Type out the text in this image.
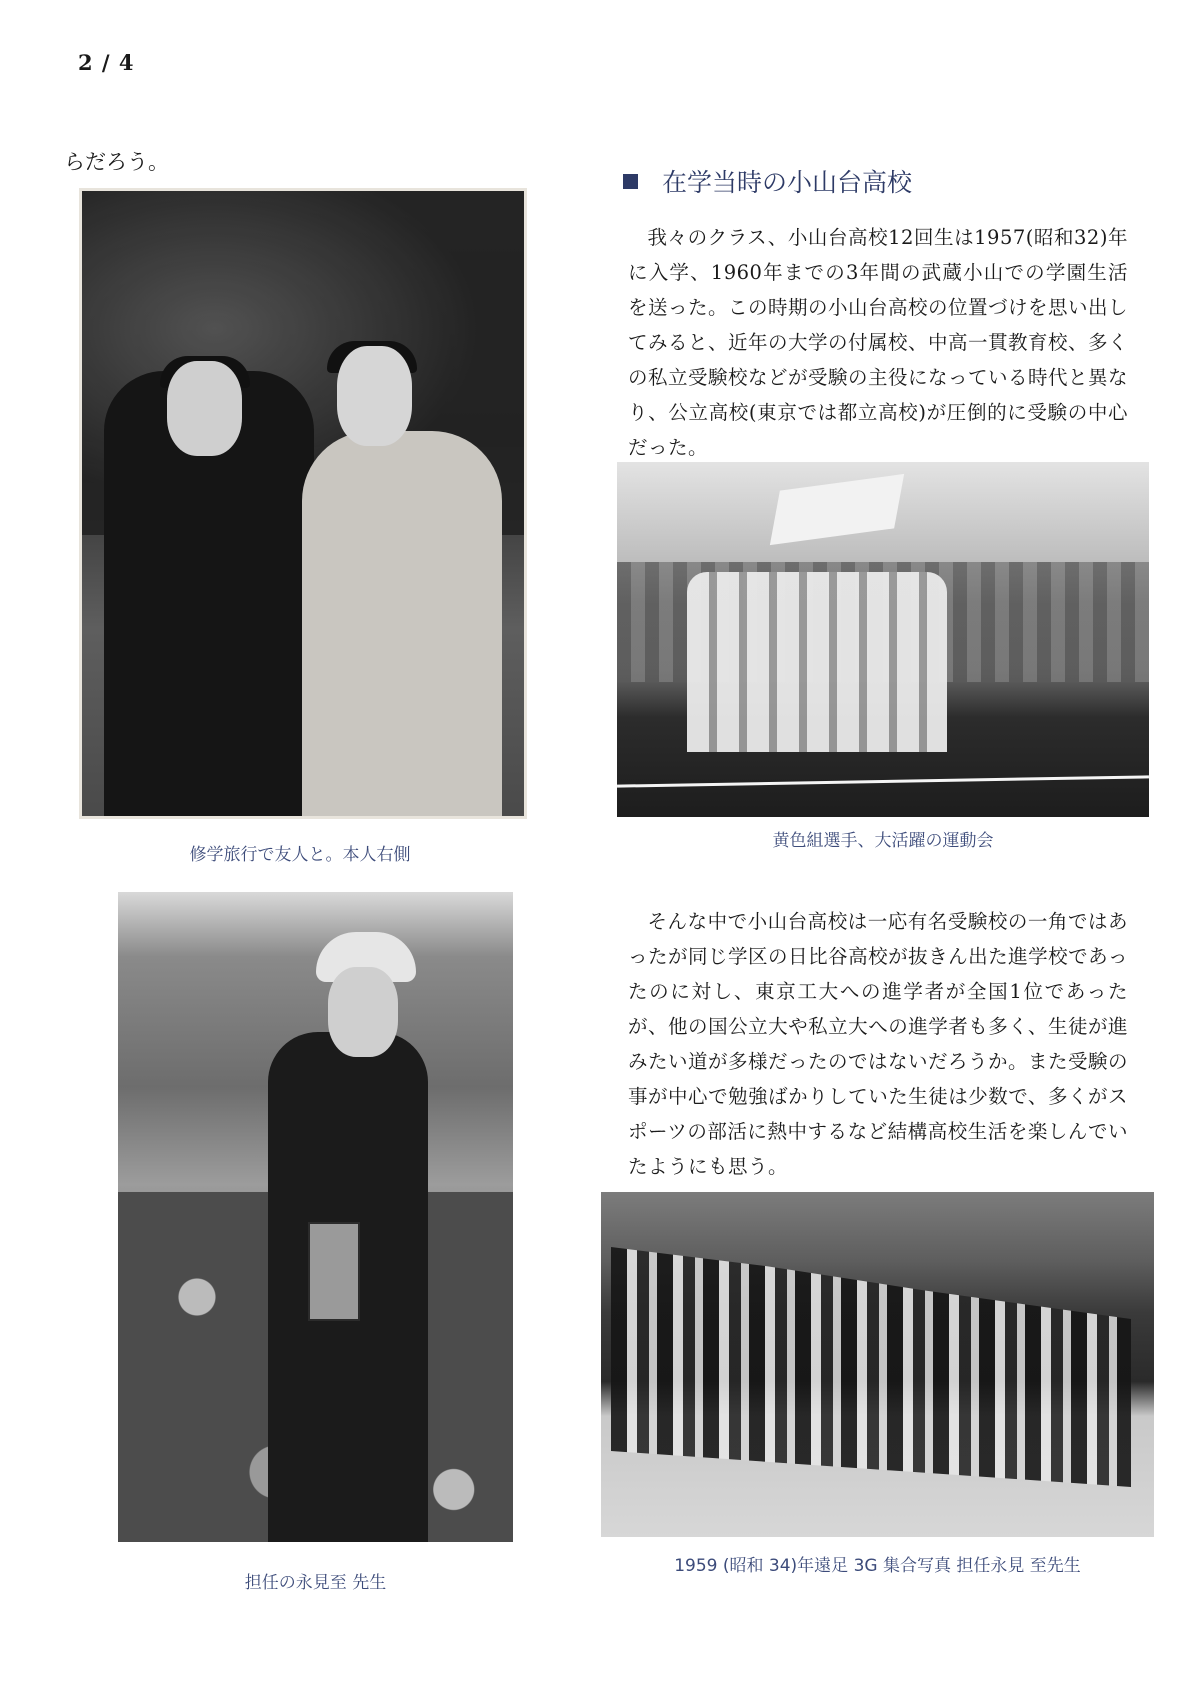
2 / 4
らだろう。
修学旅行で友人と。本人右側
在学当時の小山台高校

我々のクラス、小山台高校12回生は1957(昭和32)年に入学、1960年までの3年間の武蔵小山での学園生活を送った。この時期の小山台高校の位置づけを思い出してみると、近年の大学の付属校、中高一貫教育校、多くの私立受験校などが受験の主役になっている時代と異なり、公立高校(東京では都立高校)が圧倒的に受験の中心だった。

黄色組選手、大活躍の運動会
担任の永見至 先生

そんな中で小山台高校は一応有名受験校の一角ではあったが同じ学区の日比谷高校が抜きん出た進学校であったのに対し、東京工大への進学者が全国1位であったが、他の国公立大や私立大への進学者も多く、生徒が進みたい道が多様だったのではないだろうか。また受験の事が中心で勉強ばかりしていた生徒は少数で、多くがスポーツの部活に熱中するなど結構高校生活を楽しんでいたようにも思う。

1959 (昭和 34)年遠足 3G 集合写真 担任永見 至先生
